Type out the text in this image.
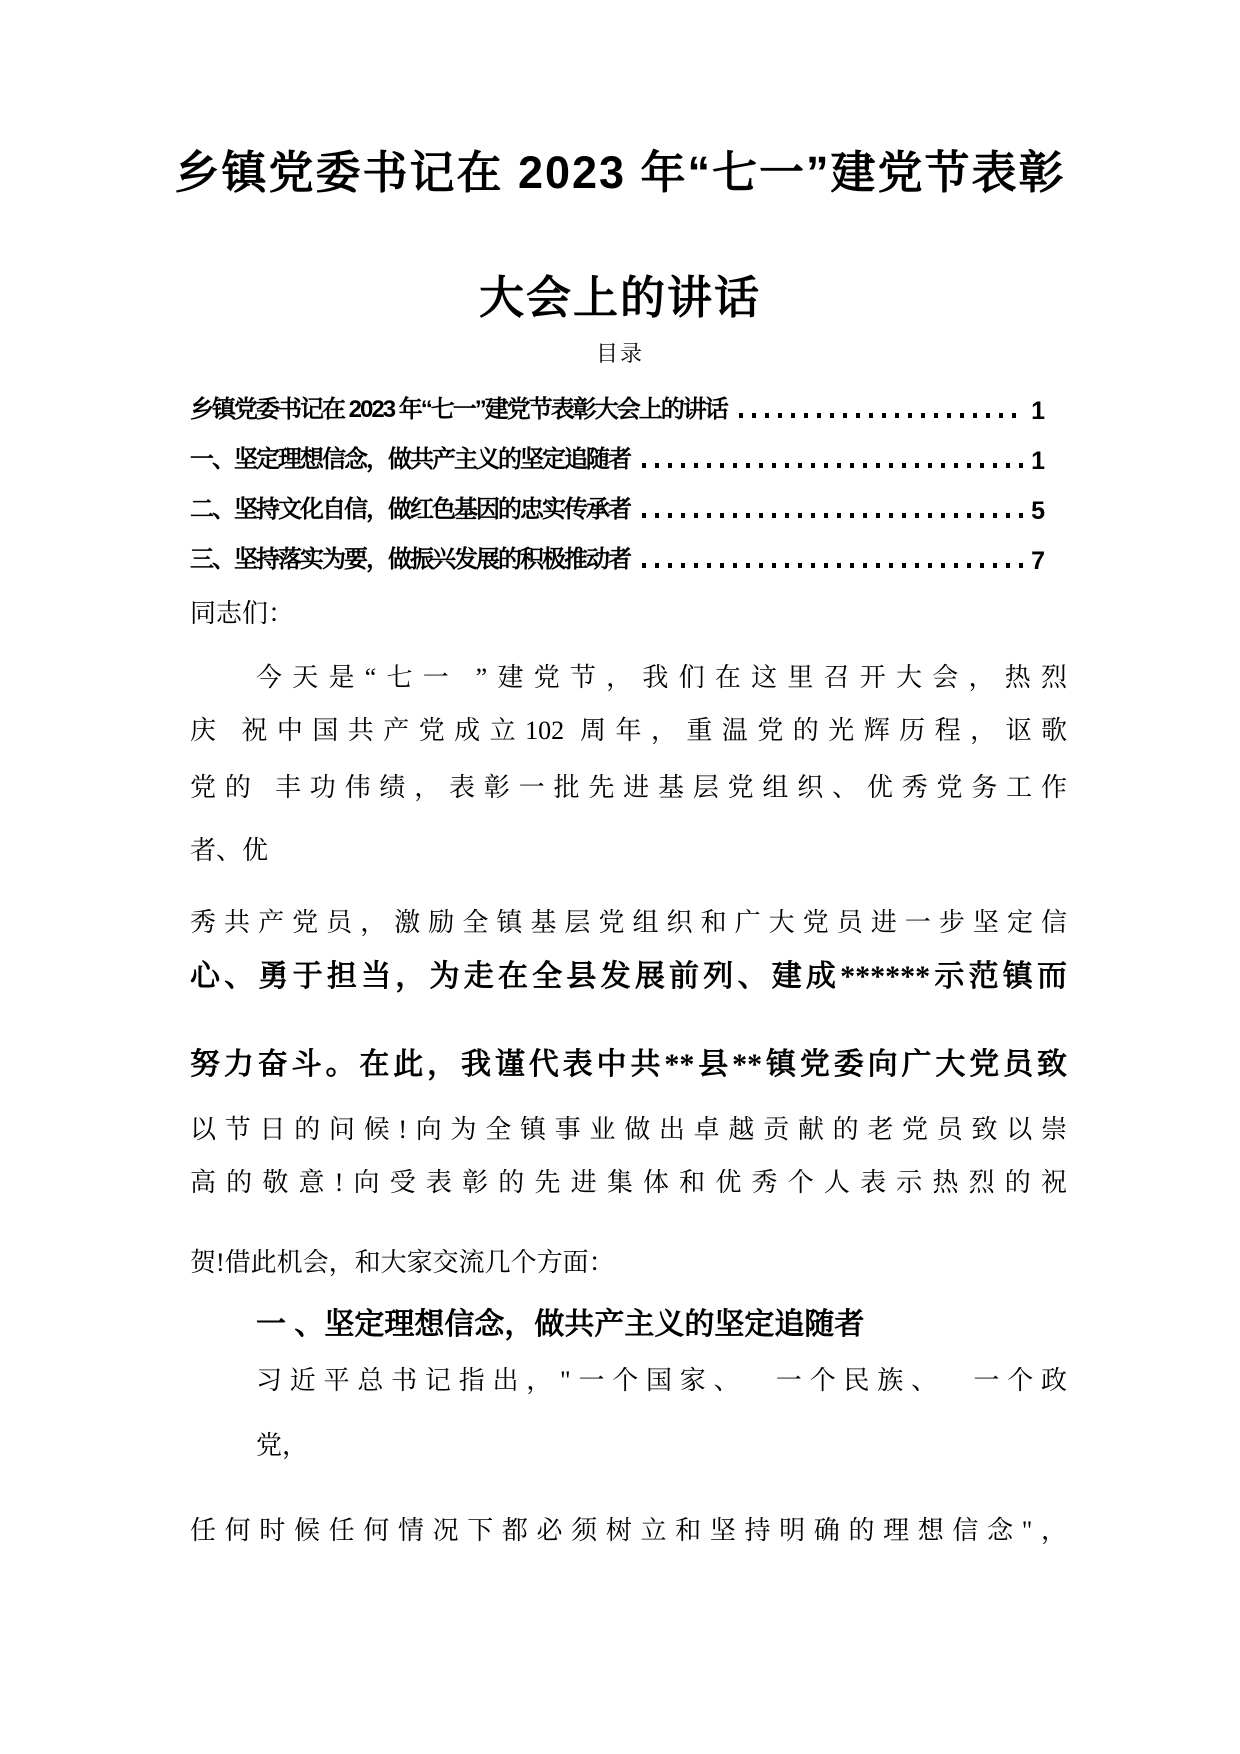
乡镇党委书记在 2023 年“七一”建党节表彰
大会上的讲话
目录
乡镇党委书记在 2023 年“七一”建党节表彰大会上的讲话	1
一、坚定理想信念，做共产主义的坚定追随者	1
二、坚持文化自信，做红色基因的忠实传承者	5
三、坚持落实为要，做振兴发展的积极推动者	7
同志们：
今天是“七一 ”建党节，我们在这里召开大会，热烈
庆 祝中国共产党成立102 周年，重温党的光辉历程，讴歌
党的 丰功伟绩，表彰一批先进基层党组织、优秀党务工作
者、优
秀共产党员，激励全镇基层党组织和广大党员进一步坚定信
心、勇于担当，为走在全县发展前列、建成******示范镇而
努力奋斗。在此，我谨代表中共**县**镇党委向广大党员致
以节日的问候!向为全镇事业做出卓越贡献的老党员致以崇
高的敬意!向受表彰的先进集体和优秀个人表示热烈的祝
贺!借此机会，和大家交流几个方面：
一 、坚定理想信念，做共产主义的坚定追随者
习近平总书记指出，"一个国家、  一个民族、  一个政
党，
任何时候任何情况下都必须树立和坚持明确的理想信念"，
